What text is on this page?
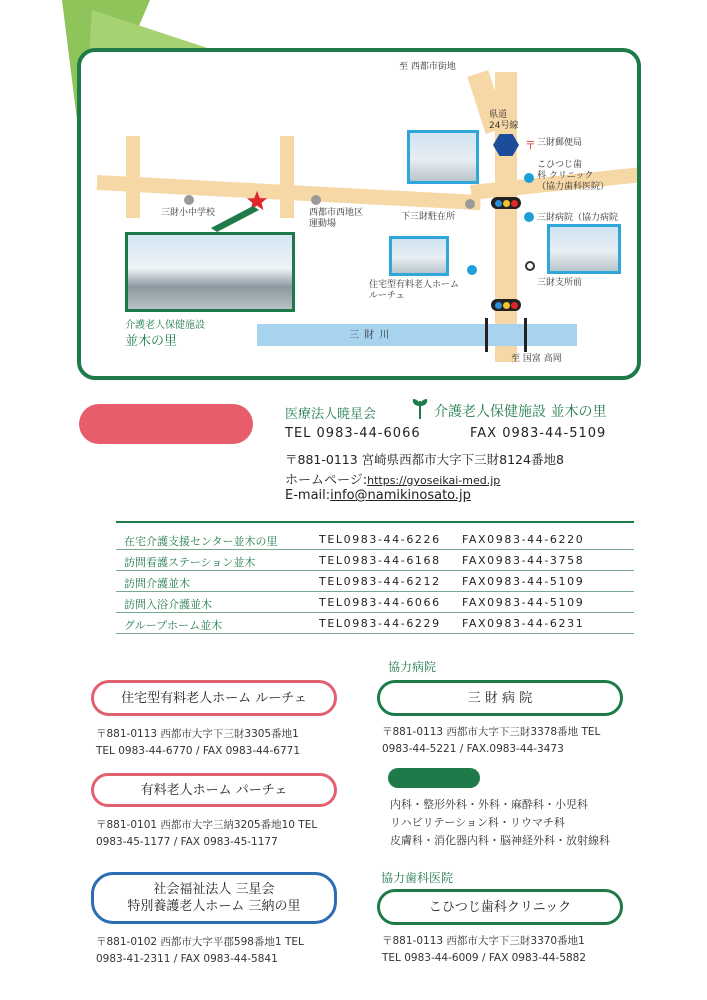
三 財 川
Map	至 西都市街地
県道
24号線
〒 三財郵便局
こひつじ歯
科 クリニック
（協力歯科医院）
三財小中学校	西都市西地区
運動場
下三財駐在所	三財病院（協力病院
三財支所前
住宅型有料老人ホーム
ルーチェ
至 国富 高岡
介護老人保健施設
並木の里
医療法人暁星会	介護老人保健施設 並木の里
TEL 0983-44-6066	FAX 0983-44-5109
〒881-0113 宮崎県西都市大字下三財8124番地8
ホームページ:https://gyoseikai-med.jp
E-mail:info@namikinosato.jp
在宅介護支援センター並木の里	TEL0983-44-6226 FAX0983-44-6220
訪問看護ステーション並木	TEL0983-44-6168 FAX0983-44-3758
訪問介護並木	TEL0983-44-6212 FAX0983-44-5109
訪問入浴介護並木	TEL0983-44-6066 FAX0983-44-5109
グループホーム並木	TEL0983-44-6229 FAX0983-44-6231
住宅型有料老人ホーム ルーチェ
〒881-0113 西都市大字下三財3305番地1
TEL 0983-44-6770 / FAX 0983-44-6771
有料老人ホーム パーチェ
〒881-0101 西都市大字三納3205番地10 TEL
0983-45-1177 / FAX 0983-45-1177
社会福祉法人 三星会
特別養護老人ホーム 三納の里
〒881-0102 西都市大字平郡598番地1 TEL
0983-41-2311 / FAX 0983-44-5841
協力病院
三 財 病 院
〒881-0113 西都市大字下三財3378番地 TEL
0983-44-5221 / FAX.0983-44-3473
内科・整形外科・外科・麻酔科・小児科
リハビリテーション科・リウマチ科
皮膚科・消化器内科・脳神経外科・放射線科
協力歯科医院
こひつじ歯科クリニック
〒881-0113 西都市大字下三財3370番地1
TEL 0983-44-6009 / FAX 0983-44-5882
